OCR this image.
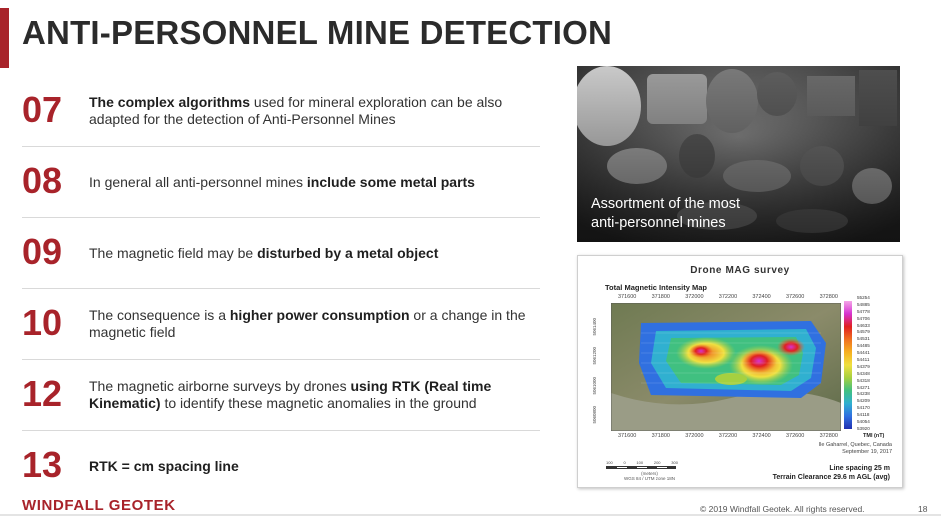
ANTI-PERSONNEL MINE DETECTION
07 The complex algorithms used for mineral exploration can be also adapted for the detection of Anti-Personnel Mines
08 In general all anti-personnel mines include some metal parts
09 The magnetic field may be disturbed by a metal object
10 The consequence is a higher power consumption or a change in the magnetic field
12 The magnetic airborne surveys by drones using RTK (Real time Kinematic) to identify these magnetic anomalies in the ground
13 RTK = cm spacing line
Assortment of the most
anti-personnel mines
Drone MAG survey
Total Magnetic Intensity Map
371600	371800	372000	372200	372400	372600	372800
5061400
5061200
5061000
5060800
55254
54885
54778
54706
54633
54579
54531
54485
54441
54411
54379
54348
54318
54271
54238
54209
54170
54118
54054
53920
371600	371800	372000	372200	372400	372600	372800	TMI (nT)
Ile Gaharrel, Quebec, Canada
September 19, 2017
100	0	100	200	300
(meters)
WGS 84 / UTM zone 18N
Line spacing 25 m
Terrain Clearance 29.6 m AGL (avg)
WINDFALL GEOTEK	© 2019 Windfall Geotek. All rights reserved.	18
